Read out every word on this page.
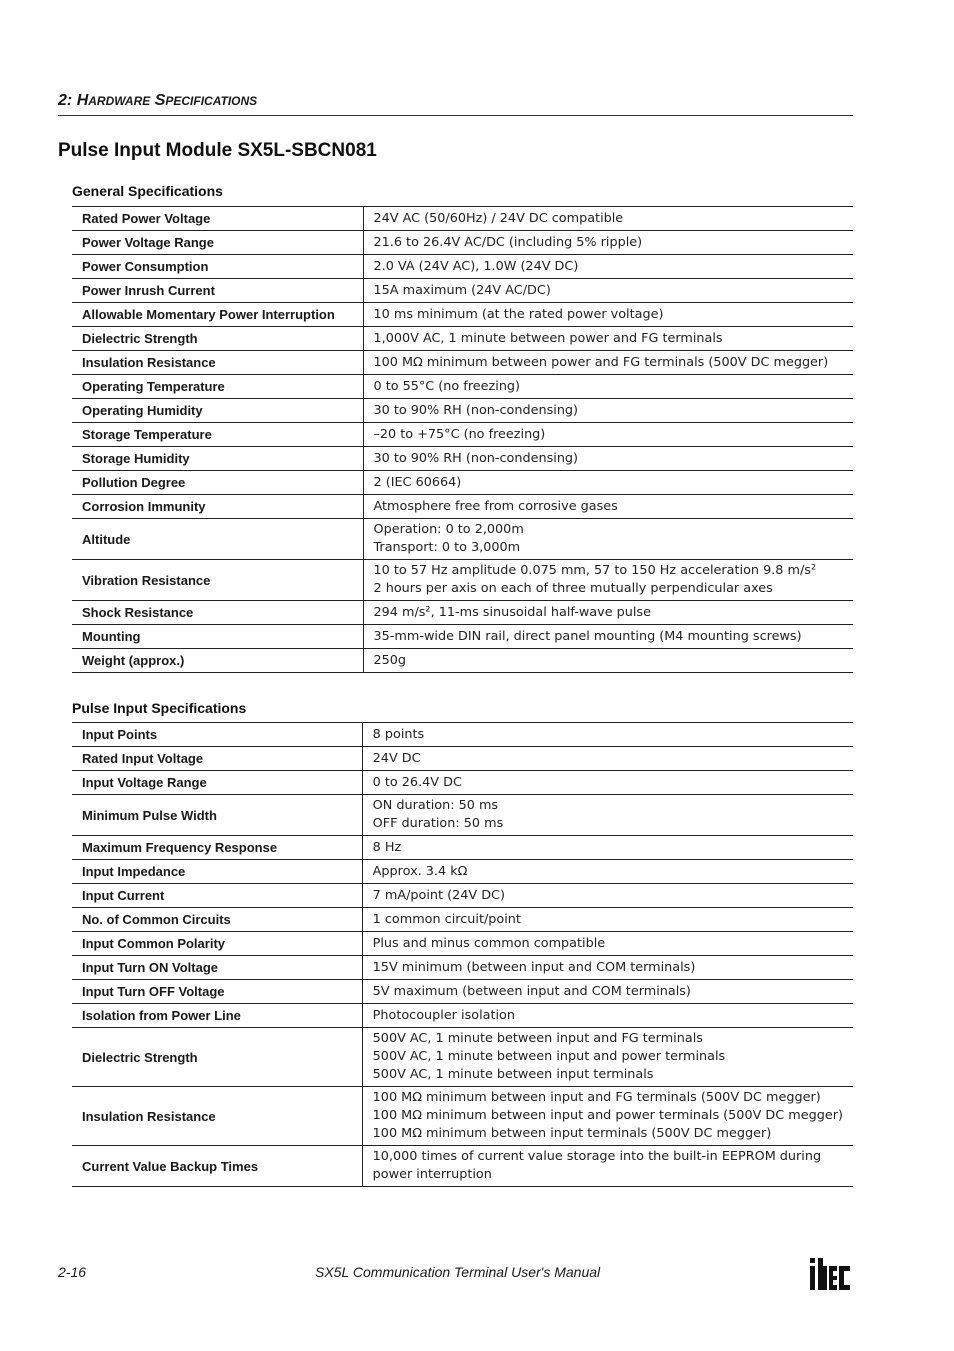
2: HARDWARE SPECIFICATIONS
Pulse Input Module SX5L-SBCN081
General Specifications
Rated Power Voltage	24V AC (50/60Hz) / 24V DC compatible

Power Voltage Range	21.6 to 26.4V AC/DC (including 5% ripple)

Power Consumption	2.0 VA (24V AC), 1.0W (24V DC)

Power Inrush Current	15A maximum (24V AC/DC)

Allowable Momentary Power Interruption	10 ms minimum (at the rated power voltage)

Dielectric Strength	1,000V AC, 1 minute between power and FG terminals

Insulation Resistance	100 MΩ minimum between power and FG terminals (500V DC megger)

Operating Temperature	0 to 55°C (no freezing)

Operating Humidity	30 to 90% RH (non-condensing)

Storage Temperature	–20 to +75°C (no freezing)

Storage Humidity	30 to 90% RH (non-condensing)

Pollution Degree	2 (IEC 60664)

Corrosion Immunity	Atmosphere free from corrosive gases

Altitude	Operation: 0 to 2,000m
Transport: 0 to 3,000m

Vibration Resistance	10 to 57 Hz amplitude 0.075 mm, 57 to 150 Hz acceleration 9.8 m/s²
2 hours per axis on each of three mutually perpendicular axes

Shock Resistance	294 m/s², 11-ms sinusoidal half-wave pulse

Mounting	35-mm-wide DIN rail, direct panel mounting (M4 mounting screws)

Weight (approx.)	250g
Pulse Input Specifications
Input Points	8 points

Rated Input Voltage	24V DC

Input Voltage Range	0 to 26.4V DC

Minimum Pulse Width	ON duration: 50 ms
OFF duration: 50 ms

Maximum Frequency Response	8 Hz

Input Impedance	Approx. 3.4 kΩ

Input Current	7 mA/point (24V DC)

No. of Common Circuits	1 common circuit/point

Input Common Polarity	Plus and minus common compatible

Input Turn ON Voltage	15V minimum (between input and COM terminals)

Input Turn OFF Voltage	5V maximum (between input and COM terminals)

Isolation from Power Line	Photocoupler isolation

Dielectric Strength	500V AC, 1 minute between input and FG terminals
500V AC, 1 minute between input and power terminals
500V AC, 1 minute between input terminals

Insulation Resistance	100 MΩ minimum between input and FG terminals (500V DC megger)
100 MΩ minimum between input and power terminals (500V DC megger)
100 MΩ minimum between input terminals (500V DC megger)

Current Value Backup Times	10,000 times of current value storage into the built-in EEPROM during
power interruption
2-16	SX5L Communication Terminal User's Manual
